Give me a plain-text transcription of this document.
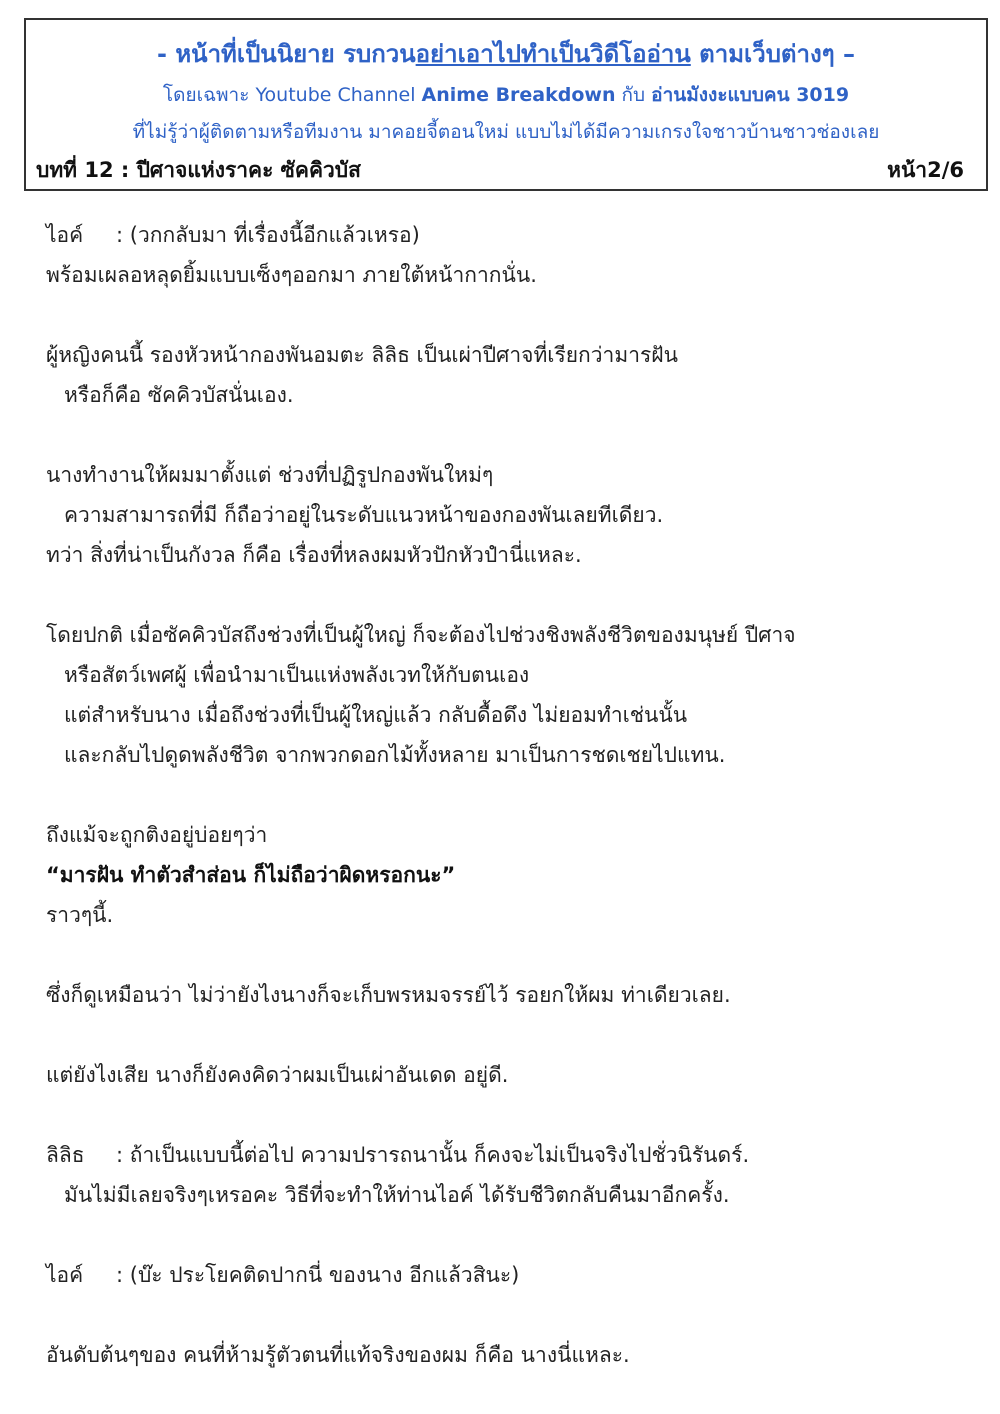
- หน้าที่เป็นนิยาย รบกวนอย่าเอาไปทำเป็นวิดีโออ่าน ตามเว็บต่างๆ –
โดยเฉพาะ Youtube Channel Anime Breakdown กับ อ่านมังงะแบบคน 3019
ที่ไม่รู้ว่าผู้ติดตามหรือทีมงาน มาคอยจี้ตอนใหม่ แบบไม่ได้มีความเกรงใจชาวบ้านชาวช่องเลย
บทที่ 12 : ปีศาจแห่งราคะ ซัคคิวบัส	หน้า2/6
ไอค์ : (วกกลับมา ที่เรื่องนี้อีกแล้วเหรอ)
พร้อมเผลอหลุดยิ้มแบบเซ็งๆออกมา ภายใต้หน้ากากนั่น.
ผู้หญิงคนนี้ รองหัวหน้ากองพันอมตะ ลิลิธ เป็นเผ่าปีศาจที่เรียกว่ามารฝัน
หรือก็คือ ซัคคิวบัสนั่นเอง.
นางทำงานให้ผมมาตั้งแต่ ช่วงที่ปฏิรูปกองพันใหม่ๆ
ความสามารถที่มี ก็ถือว่าอยู่ในระดับแนวหน้าของกองพันเลยทีเดียว.
ทว่า สิ่งที่น่าเป็นกังวล ก็คือ เรื่องที่หลงผมหัวปักหัวปำนี่แหละ.
โดยปกติ เมื่อซัคคิวบัสถึงช่วงที่เป็นผู้ใหญ่ ก็จะต้องไปช่วงชิงพลังชีวิตของมนุษย์ ปีศาจ
หรือสัตว์เพศผู้ เพื่อนำมาเป็นแห่งพลังเวทให้กับตนเอง
แต่สำหรับนาง เมื่อถึงช่วงที่เป็นผู้ใหญ่แล้ว กลับดื้อดึง ไม่ยอมทำเช่นนั้น
และกลับไปดูดพลังชีวิต จากพวกดอกไม้ทั้งหลาย มาเป็นการชดเชยไปแทน.
ถึงแม้จะถูกติงอยู่บ่อยๆว่า
“มารฝัน ทำตัวสำส่อน ก็ไม่ถือว่าผิดหรอกนะ”
ราวๆนี้.
ซึ่งก็ดูเหมือนว่า ไม่ว่ายังไงนางก็จะเก็บพรหมจรรย์ไว้ รอยกให้ผม ท่าเดียวเลย.
แต่ยังไงเสีย นางก็ยังคงคิดว่าผมเป็นเผ่าอันเดด อยู่ดี.
ลิลิธ : ถ้าเป็นแบบนี้ต่อไป ความปรารถนานั้น ก็คงจะไม่เป็นจริงไปชั่วนิรันดร์.
มันไม่มีเลยจริงๆเหรอคะ วิธีที่จะทำให้ท่านไอค์ ได้รับชีวิตกลับคืนมาอีกครั้ง.
ไอค์ : (บ๊ะ ประโยคติดปากนี่ ของนาง อีกแล้วสินะ)
อันดับต้นๆของ คนที่ห้ามรู้ตัวตนที่แท้จริงของผม ก็คือ นางนี่แหละ.
